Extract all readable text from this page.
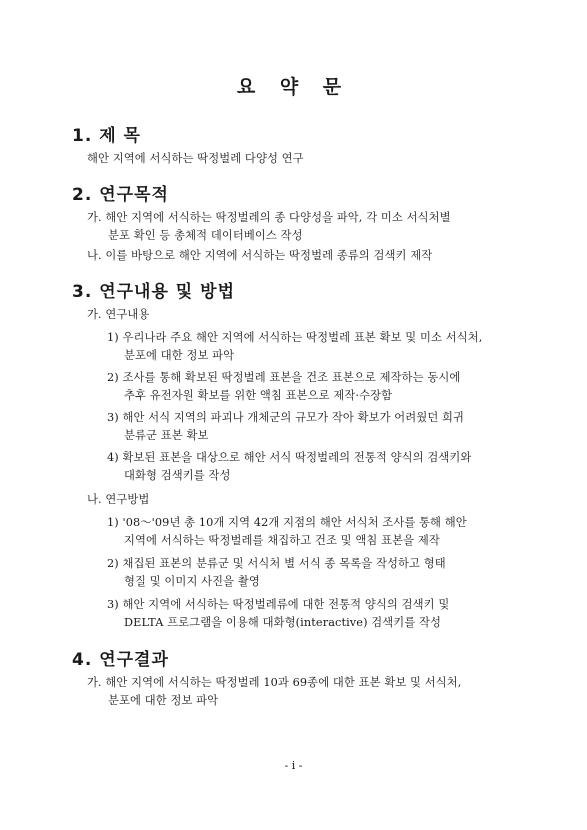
요 약 문
1. 제 목
해안 지역에 서식하는 딱정벌레 다양성 연구
2. 연구목적
가. 해안 지역에 서식하는 딱정벌레의 종 다양성을 파악, 각 미소 서식처별
분포 확인 등 총체적 데이터베이스 작성
나. 이를 바탕으로 해안 지역에 서식하는 딱정벌레 종류의 검색키 제작
3. 연구내용 및 방법
가. 연구내용
1) 우리나라 주요 해안 지역에 서식하는 딱정벌레 표본 확보 및 미소 서식처,
분포에 대한 정보 파악
2) 조사를 통해 확보된 딱정벌레 표본을 건조 표본으로 제작하는 동시에
추후 유전자원 확보를 위한 액침 표본으로 제작·수장함
3) 해안 서식 지역의 파괴나 개체군의 규모가 작아 확보가 어려웠던 희귀
분류군 표본 확보
4) 확보된 표본을 대상으로 해안 서식 딱정벌레의 전통적 양식의 검색키와
대화형 검색키를 작성
나. 연구방법
1) '08～'09년 총 10개 지역 42개 지점의 해안 서식처 조사를 통해 해안
지역에 서식하는 딱정벌레를 채집하고 건조 및 액침 표본을 제작
2) 채집된 표본의 분류군 및 서식처 별 서식 종 목록을 작성하고 형태
형질 및 이미지 사진을 촬영
3) 해안 지역에 서식하는 딱정벌레류에 대한 전통적 양식의 검색키 및
DELTA 프로그램을 이용해 대화형(interactive) 검색키를 작성
4. 연구결과
가. 해안 지역에 서식하는 딱정벌레 10과 69종에 대한 표본 확보 및 서식처,
분포에 대한 정보 파악
- i -
